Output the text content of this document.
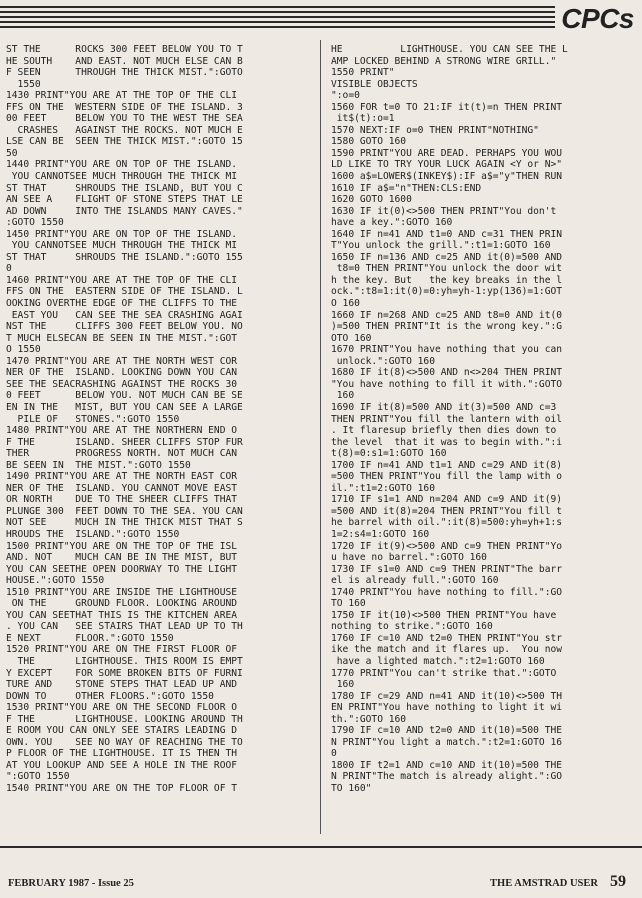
CPCs
ST THE      ROCKS 300 FEET BELOW YOU TO T
HE SOUTH    AND EAST. NOT MUCH ELSE CAN B
F SEEN      THROUGH THE THICK MIST.":GOTO
1550
1430 PRINT"YOU ARE AT THE TOP OF THE CLI
FFS ON THE  WESTERN SIDE OF THE ISLAND. 3
00 FEET     BELOW YOU TO THE WEST THE SEA
CRASHES   AGAINST THE ROCKS. NOT MUCH E
LSE CAN BE  SEEN THE THICK MIST.":GOTO 15
50
1440 PRINT"YOU ARE ON TOP OF THE ISLAND.
YOU CANNOTSEE MUCH THROUGH THE THICK MI
ST THAT     SHROUDS THE ISLAND, BUT YOU C
AN SEE A    FLIGHT OF STONE STEPS THAT LE
AD DOWN     INTO THE ISLANDS MANY CAVES."
:GOTO 1550
1450 PRINT"YOU ARE ON TOP OF THE ISLAND.
YOU CANNOTSEE MUCH THROUGH THE THICK MI
ST THAT     SHROUDS THE ISLAND.":GOTO 155
0
1460 PRINT"YOU ARE AT THE TOP OF THE CLI
FFS ON THE  EASTERN SIDE OF THE ISLAND. L
OOKING OVERTHE EDGE OF THE CLIFFS TO THE
EAST YOU   CAN SEE THE SEA CRASHING AGAI
NST THE     CLIFFS 300 FEET BELOW YOU. NO
T MUCH ELSECAN BE SEEN IN THE MIST.":GOT
O 1550
1470 PRINT"YOU ARE AT THE NORTH WEST COR
NER OF THE  ISLAND. LOOKING DOWN YOU CAN
SEE THE SEACRASHING AGAINST THE ROCKS 30
0 FEET      BELOW YOU. NOT MUCH CAN BE SE
EN IN THE   MIST, BUT YOU CAN SEE A LARGE
PILE OF   STONES.":GOTO 1550
1480 PRINT"YOU ARE AT THE NORTHERN END O
F THE       ISLAND. SHEER CLIFFS STOP FUR
THER        PROGRESS NORTH. NOT MUCH CAN
BE SEEN IN  THE MIST.":GOTO 1550
1490 PRINT"YOU ARE AT THE NORTH EAST COR
NER OF THE  ISLAND. YOU CANNOT MOVE EAST
OR NORTH    DUE TO THE SHEER CLIFFS THAT
PLUNGE 300  FEET DOWN TO THE SEA. YOU CAN
NOT SEE     MUCH IN THE THICK MIST THAT S
HROUDS THE  ISLAND.":GOTO 1550
1500 PRINT"YOU ARE ON THE TOP OF THE ISL
AND. NOT    MUCH CAN BE IN THE MIST, BUT
YOU CAN SEETHE OPEN DOORWAY TO THE LIGHT
HOUSE.":GOTO 1550
1510 PRINT"YOU ARE INSIDE THE LIGHTHOUSE
ON THE     GROUND FLOOR. LOOKING AROUND
YOU CAN SEETHAT THIS IS THE KITCHEN AREA
. YOU CAN   SEE STAIRS THAT LEAD UP TO TH
E NEXT      FLOOR.":GOTO 1550
1520 PRINT"YOU ARE ON THE FIRST FLOOR OF
THE       LIGHTHOUSE. THIS ROOM IS EMPT
Y EXCEPT    FOR SOME BROKEN BITS OF FURNI
TURE AND    STONE STEPS THAT LEAD UP AND
DOWN TO     OTHER FLOORS.":GOTO 1550
1530 PRINT"YOU ARE ON THE SECOND FLOOR O
F THE       LIGHTHOUSE. LOOKING AROUND TH
E ROOM YOU CAN ONLY SEE STAIRS LEADING D
OWN. YOU    SEE NO WAY OF REACHING THE TO
P FLOOR OF THE LIGHTHOUSE. IT IS THEN TH
AT YOU LOOKUP AND SEE A HOLE IN THE ROOF
":GOTO 1550
1540 PRINT"YOU ARE ON THE TOP FLOOR OF T
HE          LIGHTHOUSE. YOU CAN SEE THE L
AMP LOCKED BEHIND A STRONG WIRE GRILL."
1550 PRINT"
VISIBLE OBJECTS
":o=0
1560 FOR t=0 TO 21:IF it(t)=n THEN PRINT
it$(t):o=1
1570 NEXT:IF o=0 THEN PRINT"NOTHING"
1580 GOTO 160
1590 PRINT"YOU ARE DEAD. PERHAPS YOU WOU
LD LIKE TO TRY YOUR LUCK AGAIN <Y or N>"
1600 a$=LOWER$(INKEY$):IF a$="y"THEN RUN
1610 IF a$="n"THEN:CLS:END
1620 GOTO 1600
1630 IF it(0)<>500 THEN PRINT"You don't
have a key.":GOTO 160
1640 IF n=41 AND t1=0 AND c=31 THEN PRIN
T"You unlock the grill.":t1=1:GOTO 160
1650 IF n=136 AND c=25 AND it(0)=500 AND
t8=0 THEN PRINT"You unlock the door wit
h the key. But   the key breaks in the l
ock.":t8=1:it(0)=0:yh=yh-1:yp(136)=1:GOT
O 160
1660 IF n=268 AND c=25 AND t8=0 AND it(0
)=500 THEN PRINT"It is the wrong key.":G
OTO 160
1670 PRINT"You have nothing that you can
unlock.":GOTO 160
1680 IF it(8)<>500 AND n<>204 THEN PRINT
"You have nothing to fill it with.":GOTO
160
1690 IF it(8)=500 AND it(3)=500 AND c=3
THEN PRINT"You fill the lantern with oil
. It flaresup briefly then dies down to
the level  that it was to begin with.":i
t(8)=0:s1=1:GOTO 160
1700 IF n=41 AND t1=1 AND c=29 AND it(8)
=500 THEN PRINT"You fill the lamp with o
il.":t1=2:GOTO 160
1710 IF s1=1 AND n=204 AND c=9 AND it(9)
=500 AND it(8)=204 THEN PRINT"You fill t
he barrel with oil.":it(8)=500:yh=yh+1:s
1=2:s4=1:GOTO 160
1720 IF it(9)<>500 AND c=9 THEN PRINT"Yo
u have no barrel.":GOTO 160
1730 IF s1=0 AND c=9 THEN PRINT"The barr
el is already full.":GOTO 160
1740 PRINT"You have nothing to fill.":GO
TO 160
1750 IF it(10)<>500 THEN PRINT"You have
nothing to strike.":GOTO 160
1760 IF c=10 AND t2=0 THEN PRINT"You str
ike the match and it flares up.  You now
have a lighted match.":t2=1:GOTO 160
1770 PRINT"You can't strike that.":GOTO
160
1780 IF c=29 AND n=41 AND it(10)<>500 TH
EN PRINT"You have nothing to light it wi
th.":GOTO 160
1790 IF c=10 AND t2=0 AND it(10)=500 THE
N PRINT"You light a match.":t2=1:GOTO 16
0
1800 IF t2=1 AND c=10 AND it(10)=500 THE
N PRINT"The match is already alight.":GO
TO 160"
FEBRUARY 1987 - Issue 25	THE AMSTRAD USER 59
